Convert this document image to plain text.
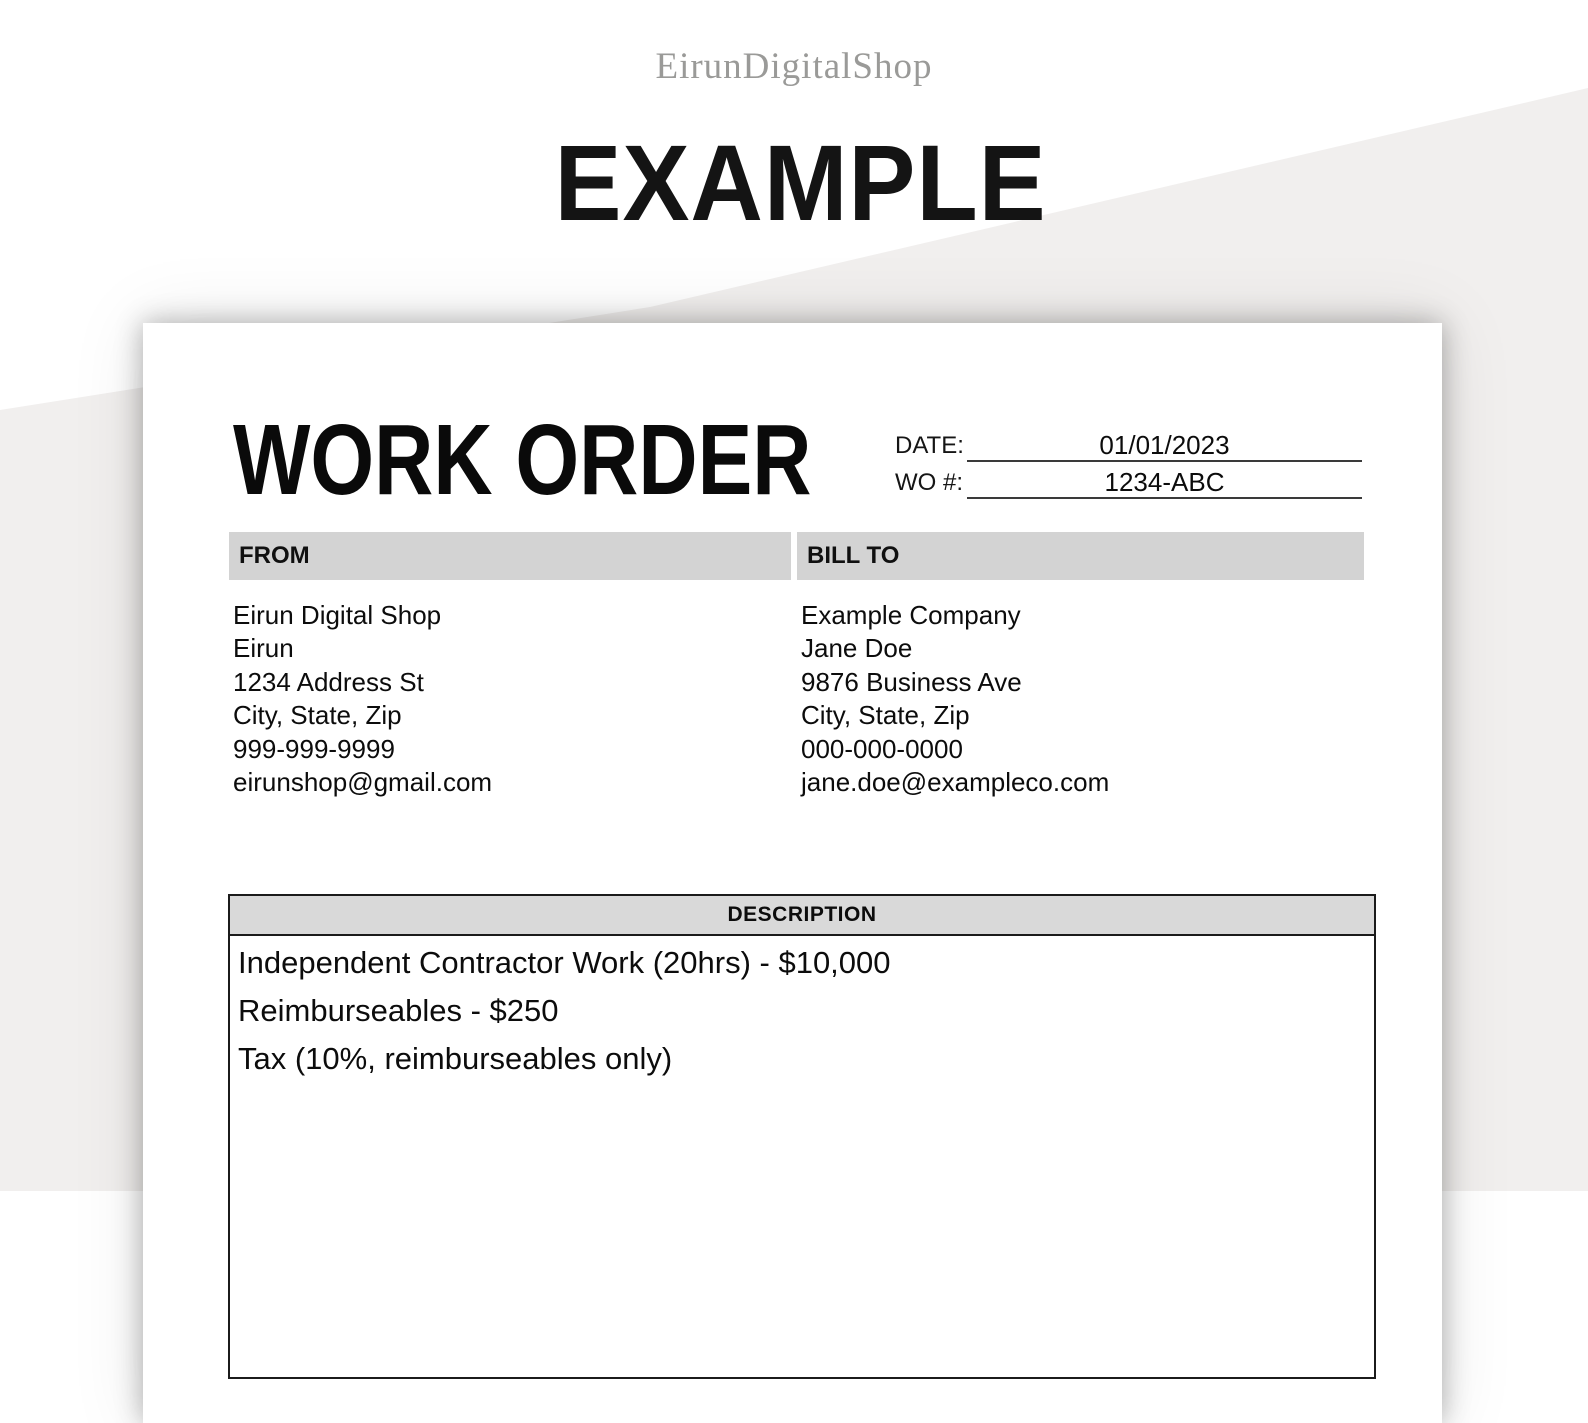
EirunDigitalShop
EXAMPLE
WORK ORDER	DATE:	01/01/2023
WO #:	1234-ABC
FROM
Eirun Digital Shop
Eirun
1234 Address St
City, State, Zip
999-999-9999
eirunshop@gmail.com
BILL TO
Example Company
Jane Doe
9876 Business Ave
City, State, Zip
000-000-0000
jane.doe@exampleco.com
DESCRIPTION
Independent Contractor Work (20hrs) - $10,000
Reimburseables - $250
Tax (10%, reimburseables only)
